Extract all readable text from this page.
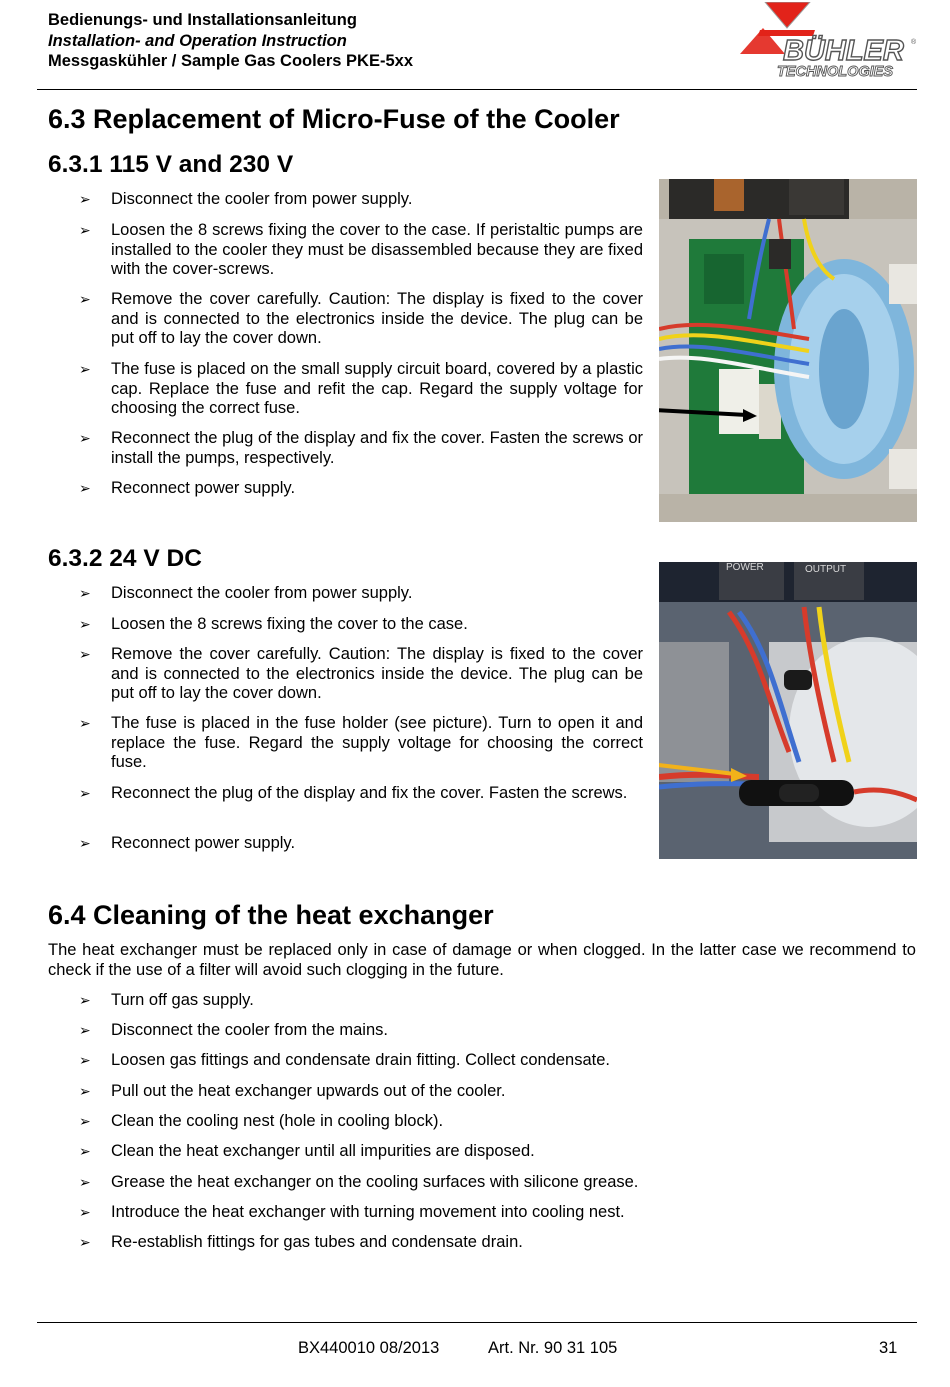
Bedienungs- und Installationsanleitung
Installation- and Operation Instruction
Messgaskühler / Sample Gas Coolers PKE-5xx	BÜHLER
TECHNOLOGIES
®
6.3 Replacement of Micro-Fuse of the Cooler
6.3.1 115 V and 230 V
➢ Disconnect the cooler from power supply.
➢ Loosen the 8 screws fixing the cover to the case. If peristaltic pumps are installed to the cooler they must be disassembled because they are fixed with the cover-screws.
➢ Remove the cover carefully. Caution: The display is fixed to the cover and is connected to the electronics inside the device. The plug can be put off to lay the cover down.
➢ The fuse is placed on the small supply circuit board, covered by a plastic cap. Replace the fuse and refit the cap. Regard the supply voltage for choosing the correct fuse.
➢ Reconnect the plug of the display and fix the cover. Fasten the screws or install the pumps, respectively.
➢ Reconnect power supply.
6.3.2 24 V DC
➢ Disconnect the cooler from power supply.
➢ Loosen the 8 screws fixing the cover to the case.
➢ Remove the cover carefully. Caution: The display is fixed to the cover and is connected to the electronics inside the device. The plug can be put off to lay the cover down.
➢ The fuse is placed in the fuse holder (see picture). Turn to open it and replace the fuse. Regard the supply voltage for choosing the correct fuse.
➢ Reconnect the plug of the display and fix the cover. Fasten the screws.
➢ Reconnect power supply.
POWER	OUTPUT
6.4 Cleaning of the heat exchanger
The heat exchanger must be replaced only in case of damage or when clogged. In the latter case we recommend to check if the use of a filter will avoid such clogging in the future.
➢ Turn off gas supply.
➢ Disconnect the cooler from the mains.
➢ Loosen gas fittings and condensate drain fitting. Collect condensate.
➢ Pull out the heat exchanger upwards out of the cooler.
➢ Clean the cooling nest (hole in cooling block).
➢ Clean the heat exchanger until all impurities are disposed.
➢ Grease the heat exchanger on the cooling surfaces with silicone grease.
➢ Introduce the heat exchanger with turning movement into cooling nest.
➢ Re-establish fittings for gas tubes and condensate drain.
BX440010 08/2013	Art. Nr. 90 31 105	31
